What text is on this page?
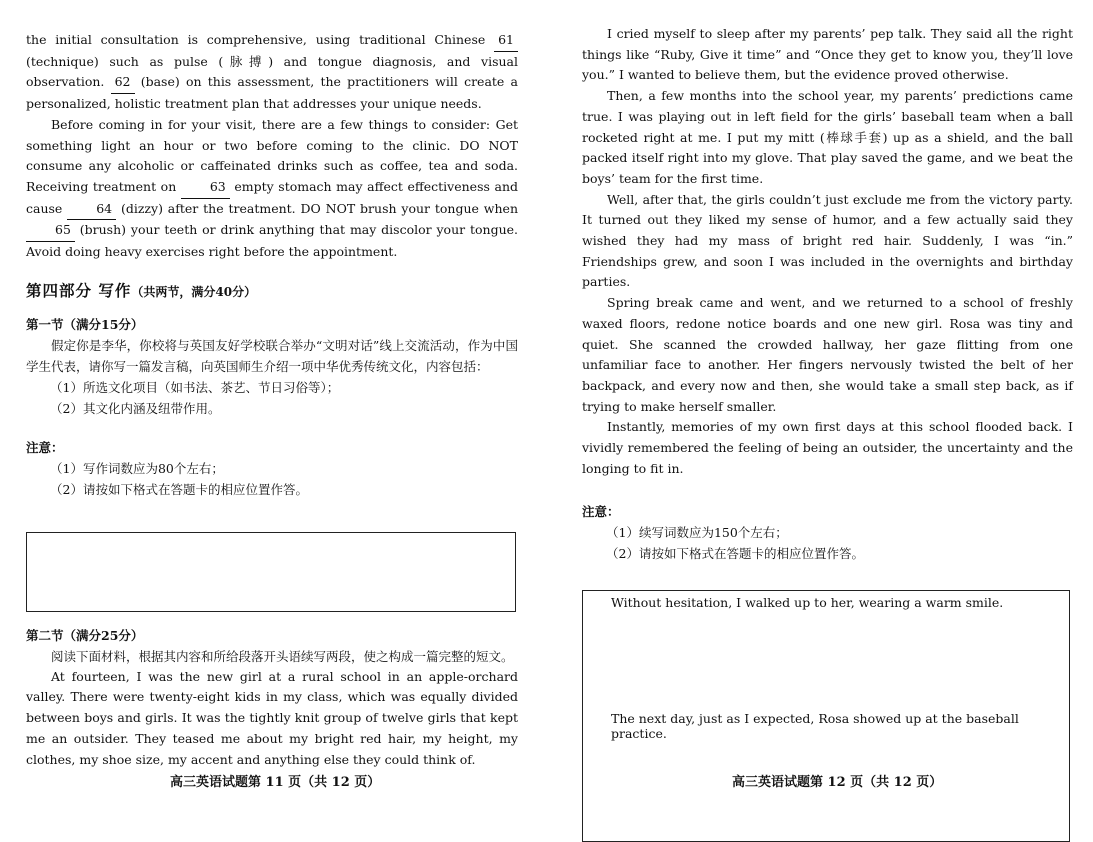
the initial consultation is comprehensive, using traditional Chinese 61 (technique) such as pulse (脉搏) and tongue diagnosis, and visual observation. 62 (base) on this assessment, the practitioners will create a personalized, holistic treatment plan that addresses your unique needs.

Before coming in for your visit, there are a few things to consider: Get something light an hour or two before coming to the clinic. DO NOT consume any alcoholic or caffeinated drinks such as coffee, tea and soda. Receiving treatment on 63 empty stomach may affect effectiveness and cause 64 (dizzy) after the treatment. DO NOT brush your tongue when 65 (brush) your teeth or drink anything that may discolor your tongue. Avoid doing heavy exercises right before the appointment.

第四部分 写作（共两节，满分40分）
第一节（满分15分）

假定你是李华，你校将与英国友好学校联合举办“文明对话”线上交流活动，作为中国学生代表，请你写一篇发言稿，向英国师生介绍一项中华优秀传统文化，内容包括：

（1）所选文化项目（如书法、茶艺、节日习俗等）；
（2）其文化内涵及纽带作用。
注意：
（1）写作词数应为80个左右；
（2）请按如下格式在答题卡的相应位置作答。
第二节（满分25分）

阅读下面材料，根据其内容和所给段落开头语续写两段，使之构成一篇完整的短文。

At fourteen, I was the new girl at a rural school in an apple-orchard valley. There were twenty-eight kids in my class, which was equally divided between boys and girls. It was the tightly knit group of twelve girls that kept me an outsider. They teased me about my bright red hair, my height, my clothes, my shoe size, my accent and anything else they could think of.

高三英语试题第 11 页（共 12 页）

I cried myself to sleep after my parents’ pep talk. They said all the right things like “Ruby, Give it time” and “Once they get to know you, they’ll love you.” I wanted to believe them, but the evidence proved otherwise.

Then, a few months into the school year, my parents’ predictions came true. I was playing out in left field for the girls’ baseball team when a ball rocketed right at me. I put my mitt (棒球手套) up as a shield, and the ball packed itself right into my glove. That play saved the game, and we beat the boys’ team for the first time.

Well, after that, the girls couldn’t just exclude me from the victory party. It turned out they liked my sense of humor, and a few actually said they wished they had my mass of bright red hair. Suddenly, I was “in.” Friendships grew, and soon I was included in the overnights and birthday parties.

Spring break came and went, and we returned to a school of freshly waxed floors, redone notice boards and one new girl. Rosa was tiny and quiet. She scanned the crowded hallway, her gaze flitting from one unfamiliar face to another. Her fingers nervously twisted the belt of her backpack, and every now and then, she would take a small step back, as if trying to make herself smaller.

Instantly, memories of my own first days at this school flooded back. I vividly remembered the feeling of being an outsider, the uncertainty and the longing to fit in.

注意：
（1）续写词数应为150个左右；
（2）请按如下格式在答题卡的相应位置作答。
Without hesitation, I walked up to her, wearing a warm smile.
The next day, just as I expected, Rosa showed up at the baseball practice.
高三英语试题第 12 页（共 12 页）
